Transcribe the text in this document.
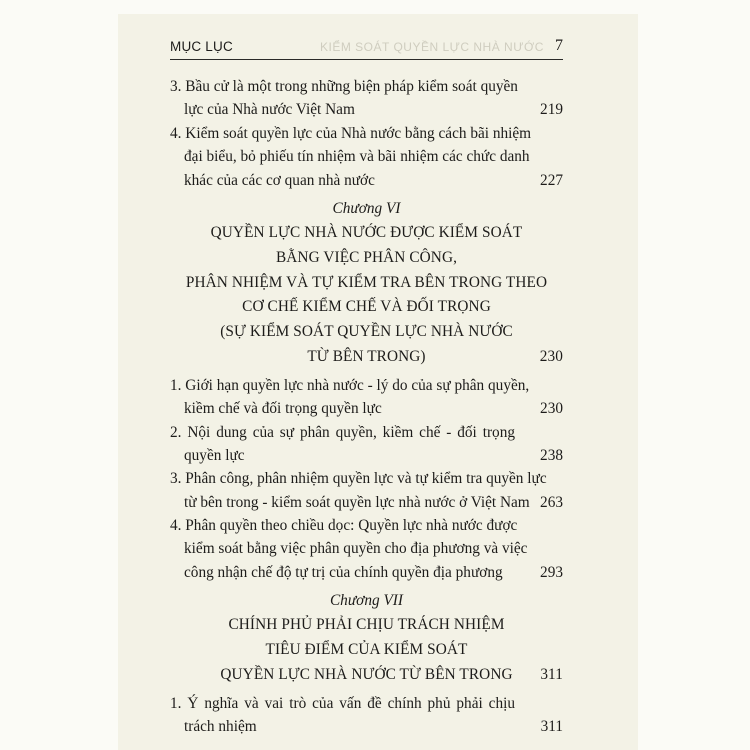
MỤC LỤC	KIỂM SOÁT QUYỀN LỰC NHÀ NƯỚC 7
3. Bầu cử là một trong những biện pháp kiểm soát quyền
lực của Nhà nước Việt Nam	219
4. Kiểm soát quyền lực của Nhà nước bằng cách bãi nhiệm
đại biểu, bỏ phiếu tín nhiệm và bãi nhiệm các chức danh
khác của các cơ quan nhà nước	227
Chương VI
QUYỀN LỰC NHÀ NƯỚC ĐƯỢC KIỂM SOÁT
BẰNG VIỆC PHÂN CÔNG,
PHÂN NHIỆM VÀ TỰ KIỂM TRA BÊN TRONG THEO
CƠ CHẾ KIỂM CHẾ VÀ ĐỐI TRỌNG
(SỰ KIỂM SOÁT QUYỀN LỰC NHÀ NƯỚC
TỪ BÊN TRONG)	230
1. Giới hạn quyền lực nhà nước - lý do của sự phân quyền,
kiềm chế và đối trọng quyền lực	230
2. Nội dung của sự phân quyền, kiềm chế - đối trọng
quyền lực	238
3. Phân công, phân nhiệm quyền lực và tự kiểm tra quyền lực
từ bên trong - kiểm soát quyền lực nhà nước ở Việt Nam 263
4. Phân quyền theo chiều dọc: Quyền lực nhà nước được
kiểm soát bằng việc phân quyền cho địa phương và việc
công nhận chế độ tự trị của chính quyền địa phương 293
Chương VII
CHÍNH PHỦ PHẢI CHỊU TRÁCH NHIỆM
TIÊU ĐIỂM CỦA KIỂM SOÁT
QUYỀN LỰC NHÀ NƯỚC TỪ BÊN TRONG 311
1. Ý nghĩa và vai trò của vấn đề chính phủ phải chịu
trách nhiệm	311
